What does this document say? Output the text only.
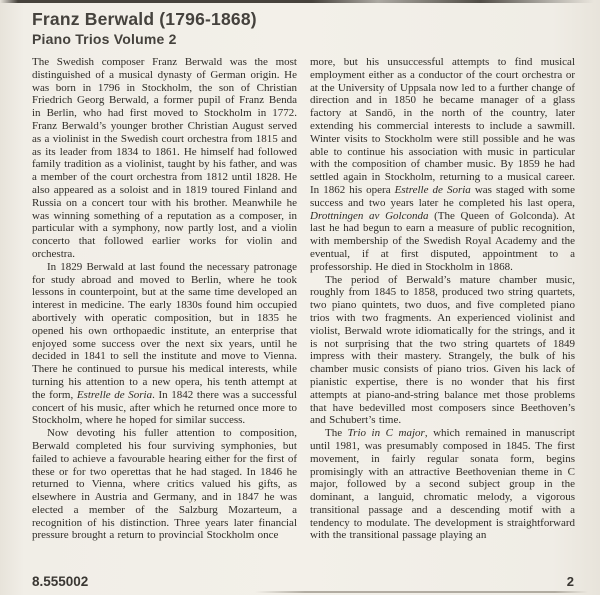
Franz Berwald (1796-1868)
Piano Trios Volume 2

The Swedish composer Franz Berwald was the most distinguished of a musical dynasty of German origin. He was born in 1796 in Stockholm, the son of Christian Friedrich Georg Berwald, a former pupil of Franz Benda in Berlin, who had first moved to Stockholm in 1772. Franz Berwald’s younger brother Christian August served as a violinist in the Swedish court orchestra from 1815 and as its leader from 1834 to 1861. He himself had followed family tradition as a violinist, taught by his father, and was a member of the court orchestra from 1812 until 1828. He also appeared as a soloist and in 1819 toured Finland and Russia on a concert tour with his brother. Meanwhile he was winning something of a reputation as a composer, in particular with a symphony, now partly lost, and a violin concerto that followed earlier works for violin and orchestra.

In 1829 Berwald at last found the necessary patronage for study abroad and moved to Berlin, where he took lessons in counterpoint, but at the same time developed an interest in medicine. The early 1830s found him occupied abortively with operatic composition, but in 1835 he opened his own orthopaedic institute, an enterprise that enjoyed some success over the next six years, until he decided in 1841 to sell the institute and move to Vienna. There he continued to pursue his medical interests, while turning his attention to a new opera, his tenth attempt at the form, Estrelle de Soria. In 1842 there was a successful concert of his music, after which he returned once more to Stockholm, where he hoped for similar success.

Now devoting his fuller attention to composition, Berwald completed his four surviving symphonies, but failed to achieve a favourable hearing either for the first of these or for two operettas that he had staged. In 1846 he returned to Vienna, where critics valued his gifts, as elsewhere in Austria and Germany, and in 1847 he was elected a member of the Salzburg Mozarteum, a recognition of his distinction. Three years later financial pressure brought a return to provincial Stockholm once

more, but his unsuccessful attempts to find musical employment either as a conductor of the court orchestra or at the University of Uppsala now led to a further change of direction and in 1850 he became manager of a glass factory at Sandö, in the north of the country, later extending his commercial interests to include a sawmill. Winter visits to Stockholm were still possible and he was able to continue his association with music in particular with the composition of chamber music. By 1859 he had settled again in Stockholm, returning to a musical career. In 1862 his opera Estrelle de Soria was staged with some success and two years later he completed his last opera, Drottningen av Golconda (The Queen of Golconda). At last he had begun to earn a measure of public recognition, with membership of the Swedish Royal Academy and the eventual, if at first disputed, appointment to a professorship. He died in Stockholm in 1868.

The period of Berwald’s mature chamber music, roughly from 1845 to 1858, produced two string quartets, two piano quintets, two duos, and five completed piano trios with two fragments. An experienced violinist and violist, Berwald wrote idiomatically for the strings, and it is not surprising that the two string quartets of 1849 impress with their mastery. Strangely, the bulk of his chamber music consists of piano trios. Given his lack of pianistic expertise, there is no wonder that his first attempts at piano-and-string balance met those problems that have bedevilled most composers since Beethoven’s and Schubert’s time.

The Trio in C major, which remained in manuscript until 1981, was presumably composed in 1845. The first movement, in fairly regular sonata form, begins promisingly with an attractive Beethovenian theme in C major, followed by a second subject group in the dominant, a languid, chromatic melody, a vigorous transitional passage and a descending motif with a tendency to modulate. The development is straightforward with the transitional passage playing an

8.555002	2
